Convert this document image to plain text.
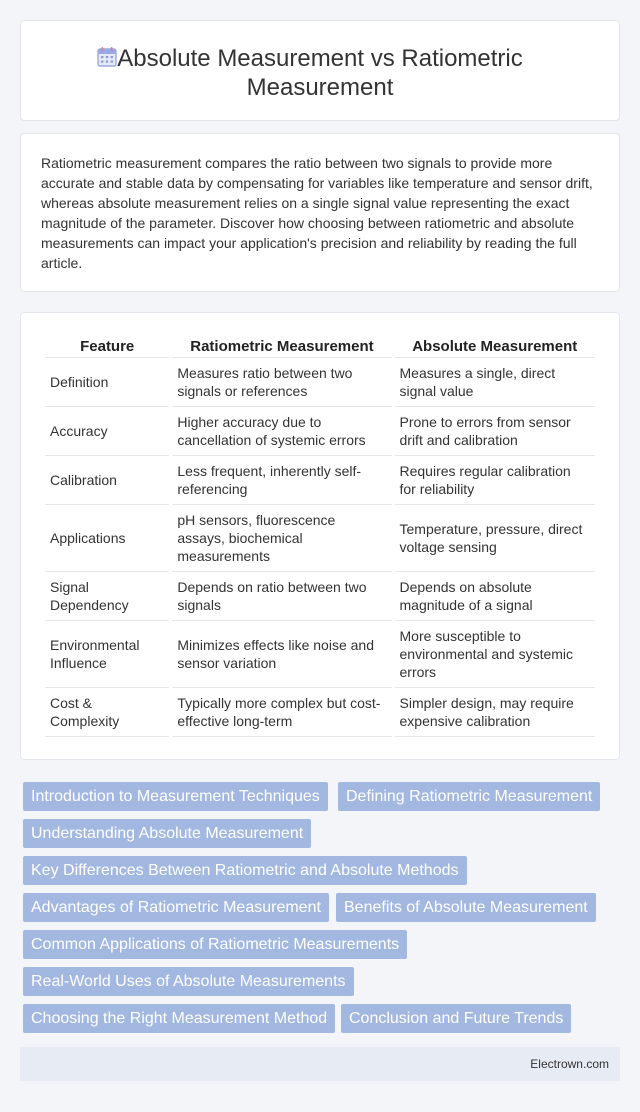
Absolute Measurement vs Ratiometric
Measurement

Ratiometric measurement compares the ratio between two signals to provide more accurate and stable data by compensating for variables like temperature and sensor drift, whereas absolute measurement relies on a single signal value representing the exact magnitude of the parameter. Discover how choosing between ratiometric and absolute measurements can impact your application's precision and reliability by reading the full article.

Feature	Ratiometric Measurement	Absolute Measurement
Definition	Measures ratio between two signals or references	Measures a single, direct signal value
Accuracy	Higher accuracy due to cancellation of systemic errors	Prone to errors from sensor drift and calibration
Calibration	Less frequent, inherently self-referencing	Requires regular calibration for reliability
Applications	pH sensors, fluorescence assays, biochemical measurements	Temperature, pressure, direct voltage sensing
Signal Dependency	Depends on ratio between two signals	Depends on absolute magnitude of a signal
Environmental Influence	Minimizes effects like noise and sensor variation	More susceptible to environmental and systemic errors
Cost & Complexity	Typically more complex but cost-effective long-term	Simpler design, may require expensive calibration
Introduction to Measurement Techniques	Defining Ratiometric Measurement
Understanding Absolute Measurement
Key Differences Between Ratiometric and Absolute Methods
Advantages of Ratiometric Measurement	Benefits of Absolute Measurement
Common Applications of Ratiometric Measurements
Real-World Uses of Absolute Measurements
Choosing the Right Measurement Method	Conclusion and Future Trends
Electrown.com
